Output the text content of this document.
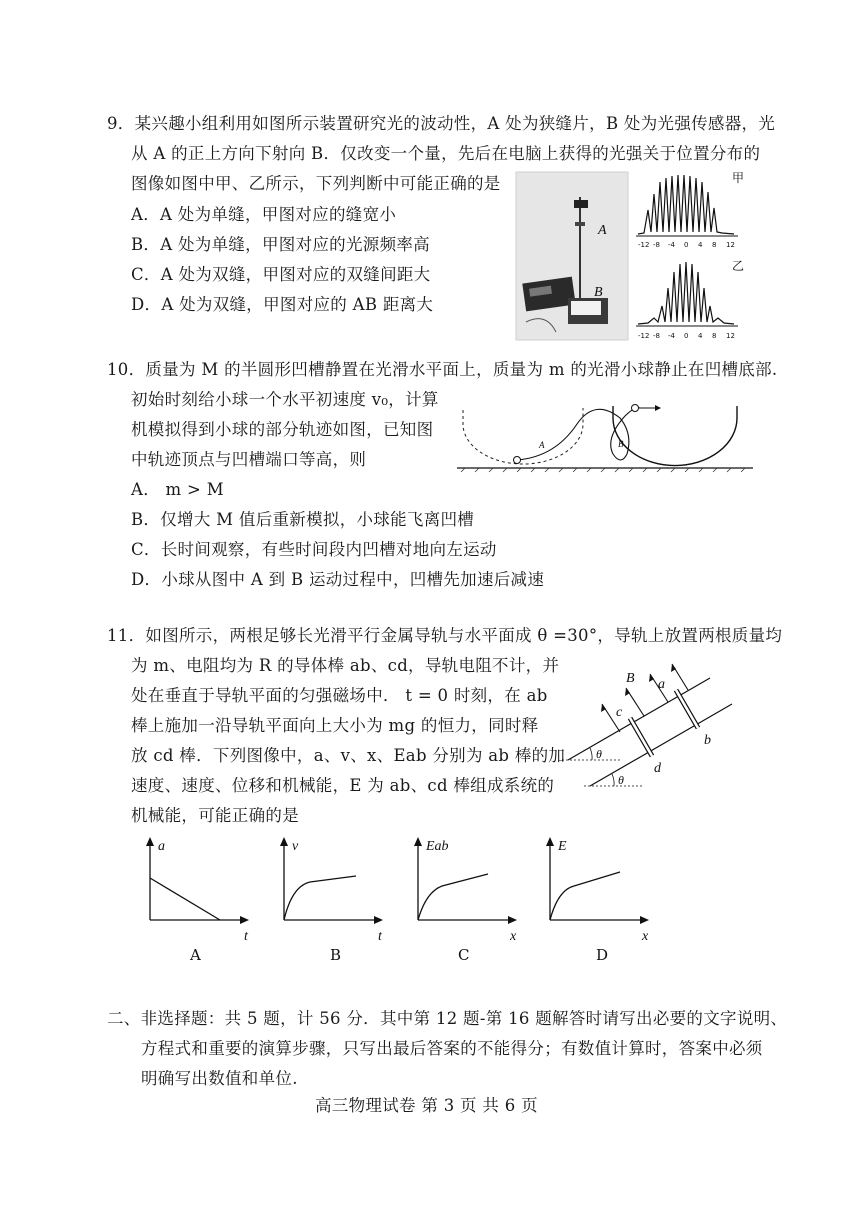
9．某兴趣小组利用如图所示装置研究光的波动性，A 处为狭缝片，B 处为光强传感器，光
从 A 的正上方向下射向 B．仅改变一个量，先后在电脑上获得的光强关于位置分布的
图像如图中甲、乙所示，下列判断中可能正确的是
A．A 处为单缝，甲图对应的缝宽小
B．A 处为单缝，甲图对应的光源频率高
C．A 处为双缝，甲图对应的双缝间距大
D．A 处为双缝，甲图对应的 AB 距离大
A
B
-12 -8 -4 0 4 8 12
甲
-12 -8 -4 0 4 8 12
乙
10．质量为 M 的半圆形凹槽静置在光滑水平面上，质量为 m 的光滑小球静止在凹槽底部.
初始时刻给小球一个水平初速度 v₀，计算
机模拟得到小球的部分轨迹如图，已知图
中轨迹顶点与凹槽端口等高，则
A． m > M
B．仅增大 M 值后重新模拟，小球能飞离凹槽
C．长时间观察，有些时间段内凹槽对地向左运动
D．小球从图中 A 到 B 运动过程中，凹槽先加速后减速
A	B
11．如图所示，两根足够长光滑平行金属导轨与水平面成 θ =30°，导轨上放置两根质量均
为 m、电阻均为 R 的导体棒 ab、cd，导轨电阻不计，并
处在垂直于导轨平面的匀强磁场中． t = 0 时刻，在 ab
棒上施加一沿导轨平面向上大小为 mg 的恒力，同时释
放 cd 棒．下列图像中，a、v、x、Eab 分别为 ab 棒的加
速度、速度、位移和机械能，E 为 ab、cd 棒组成系统的
机械能，可能正确的是
θ
θ
B a
b
c
d
a
t
A
v
t
B
Eab
x
C
E
x
D
二、非选择题：共 5 题，计 56 分．其中第 12 题-第 16 题解答时请写出必要的文字说明、
方程式和重要的演算步骤，只写出最后答案的不能得分；有数值计算时，答案中必须
明确写出数值和单位.
高三物理试卷 第 3 页 共 6 页
